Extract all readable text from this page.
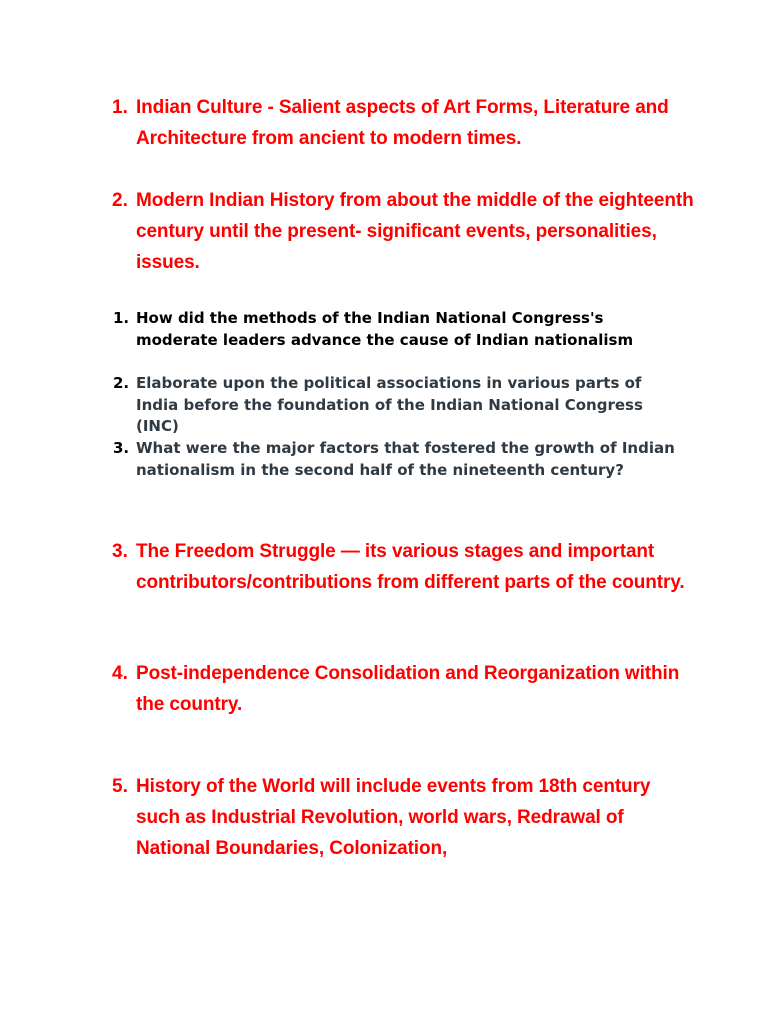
1. Indian Culture - Salient aspects of Art Forms, Literature and Architecture from ancient to modern times.
2. Modern Indian History from about the middle of the eighteenth century until the present- significant events, personalities, issues.
1. How did the methods of the Indian National Congress's moderate leaders advance the cause of Indian nationalism
2. Elaborate upon the political associations in various parts of India before the foundation of the Indian National Congress (INC)
3. What were the major factors that fostered the growth of Indian nationalism in the second half of the nineteenth century?
3. The Freedom Struggle — its various stages and important contributors/contributions from different parts of the country.
4. Post-independence Consolidation and Reorganization within the country.
5. History of the World will include events from 18th century such as Industrial Revolution, world wars, Redrawal of National Boundaries, Colonization,
